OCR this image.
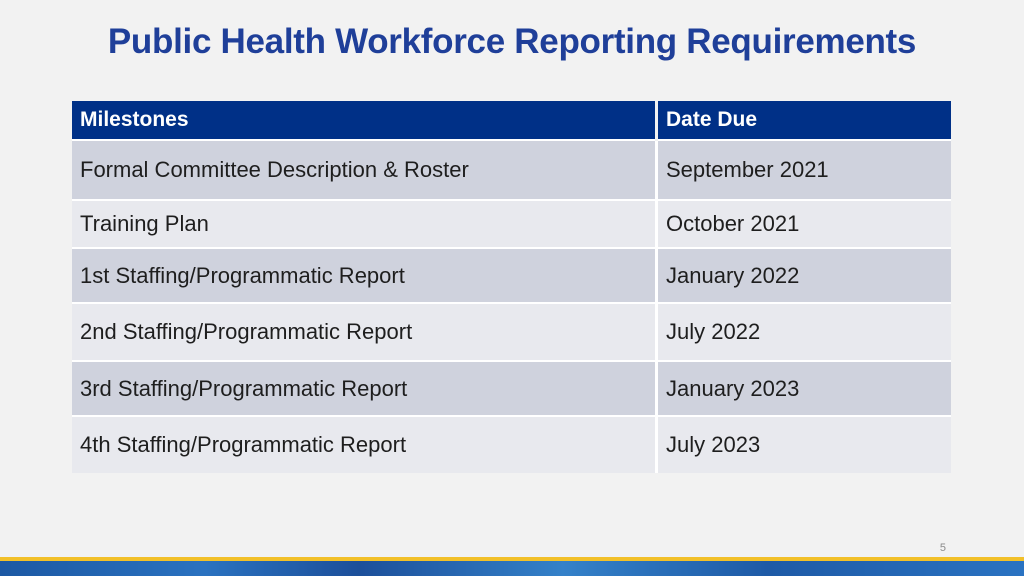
Public Health Workforce Reporting Requirements
Milestones	Date Due
Formal Committee Description & Roster	September 2021
Training Plan	October 2021
1st Staffing/Programmatic Report	January 2022
2nd Staffing/Programmatic Report	July 2022
3rd Staffing/Programmatic Report	January 2023
4th Staffing/Programmatic Report	July 2023
5
